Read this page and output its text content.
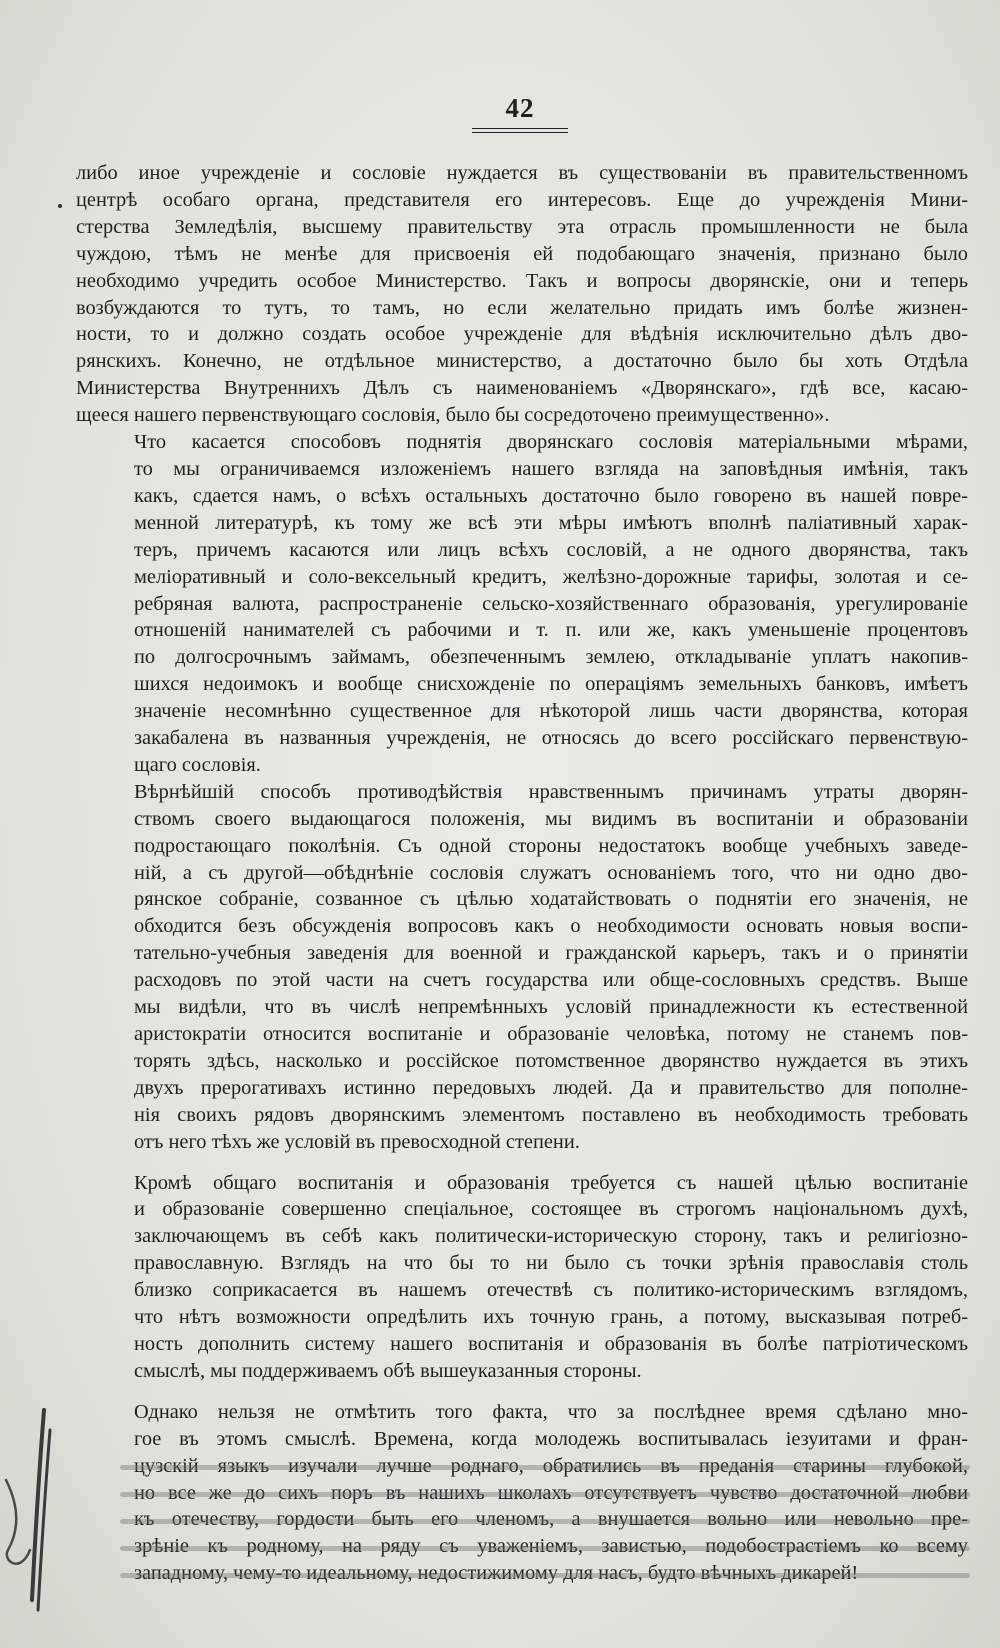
42
либо иное учрежденіе и сословіе нуждается въ существованіи въ правительственномъ
центрѣ особаго органа, представителя его интересовъ. Еще до учрежденія Мини-
стерства Земледѣлія, высшему правительству эта отрасль промышленности не была
чуждою, тѣмъ не менѣе для присвоенія ей подобающаго значенія, признано было
необходимо учредить особое Министерство. Такъ и вопросы дворянскіе, они и теперь
возбуждаются то тутъ, то тамъ, но если желательно придать имъ болѣе жизнен-
ности, то и должно создать особое учрежденіе для вѣдѣнія исключительно дѣлъ дво-
рянскихъ. Конечно, не отдѣльное министерство, а достаточно было бы хоть Отдѣла
Министерства Внутреннихъ Дѣлъ съ наименованіемъ «Дворянскаго», гдѣ все, касаю-
щееся нашего первенствующаго сословія, было бы сосредоточено преимущественно».
Что касается способовъ поднятія дворянскаго сословія матеріальными мѣрами,
то мы ограничиваемся изложеніемъ нашего взгляда на заповѣдныя имѣнія, такъ
какъ, сдается намъ, о всѣхъ остальныхъ достаточно было говорено въ нашей повре-
менной литературѣ, къ тому же всѣ эти мѣры имѣютъ вполнѣ паліативный харак-
теръ, причемъ касаются или лицъ всѣхъ сословій, а не одного дворянства, такъ
меліоративный и соло-вексельный кредитъ, желѣзно-дорожные тарифы, золотая и се-
ребряная валюта, распространеніе сельско-хозяйственнаго образованія, урегулированіе
отношеній нанимателей съ рабочими и т. п. или же, какъ уменьшеніе процентовъ
по долгосрочнымъ займамъ, обезпеченнымъ землею, откладываніе уплатъ накопив-
шихся недоимокъ и вообще снисхожденіе по операціямъ земельныхъ банковъ, имѣетъ
значеніе несомнѣнно существенное для нѣкоторой лишь части дворянства, которая
закабалена въ названныя учрежденія, не относясь до всего россійскаго первенствую-
щаго сословія.
Вѣрнѣйшій способъ противодѣйствія нравственнымъ причинамъ утраты дворян-
ствомъ своего выдающагося положенія, мы видимъ въ воспитаніи и образованіи
подростающаго поколѣнія. Съ одной стороны недостатокъ вообще учебныхъ заведе-
ній, а съ другой—обѣднѣніе сословія служатъ основаніемъ того, что ни одно дво-
рянское собраніе, созванное съ цѣлью ходатайствовать о поднятіи его значенія, не
обходится безъ обсужденія вопросовъ какъ о необходимости основать новыя воспи-
тательно-учебныя заведенія для военной и гражданской карьеръ, такъ и о принятіи
расходовъ по этой части на счетъ государства или обще-сословныхъ средствъ. Выше
мы видѣли, что въ числѣ непремѣнныхъ условій принадлежности къ естественной
аристократіи относится воспитаніе и образованіе человѣка, потому не станемъ пов-
торять здѣсь, насколько и россійское потомственное дворянство нуждается въ этихъ
двухъ прерогативахъ истинно передовыхъ людей. Да и правительство для пополне-
нія своихъ рядовъ дворянскимъ элементомъ поставлено въ необходимость требовать
отъ него тѣхъ же условій въ превосходной степени.
Кромѣ общаго воспитанія и образованія требуется съ нашей цѣлью воспитаніе
и образованіе совершенно спеціальное, состоящее въ строгомъ національномъ духѣ,
заключающемъ въ себѣ какъ политически-историческую сторону, такъ и религіозно-
православную. Взглядъ на что бы то ни было съ точки зрѣнія православія столь
близко соприкасается въ нашемъ отечествѣ съ политико-историческимъ взглядомъ,
что нѣтъ возможности опредѣлить ихъ точную грань, а потому, высказывая потреб-
ность дополнить систему нашего воспитанія и образованія въ болѣе патріотическомъ
смыслѣ, мы поддерживаемъ обѣ вышеуказанныя стороны.
Однако нельзя не отмѣтить того факта, что за послѣднее время сдѣлано мно-
гое въ этомъ смыслѣ. Времена, когда молодежь воспитывалась іезуитами и фран-
цузскій языкъ изучали лучше роднаго, обратились въ преданія старины глубокой,
но все же до сихъ поръ въ нашихъ школахъ отсутствуетъ чувство достаточной любви
къ отечеству, гордости быть его членомъ, а внушается вольно или невольно пре-
зрѣніе къ родному, на ряду съ уваженіемъ, завистью, подобострастіемъ ко всему
западному, чему-то идеальному, недостижимому для насъ, будто вѣчныхъ дикарей!
